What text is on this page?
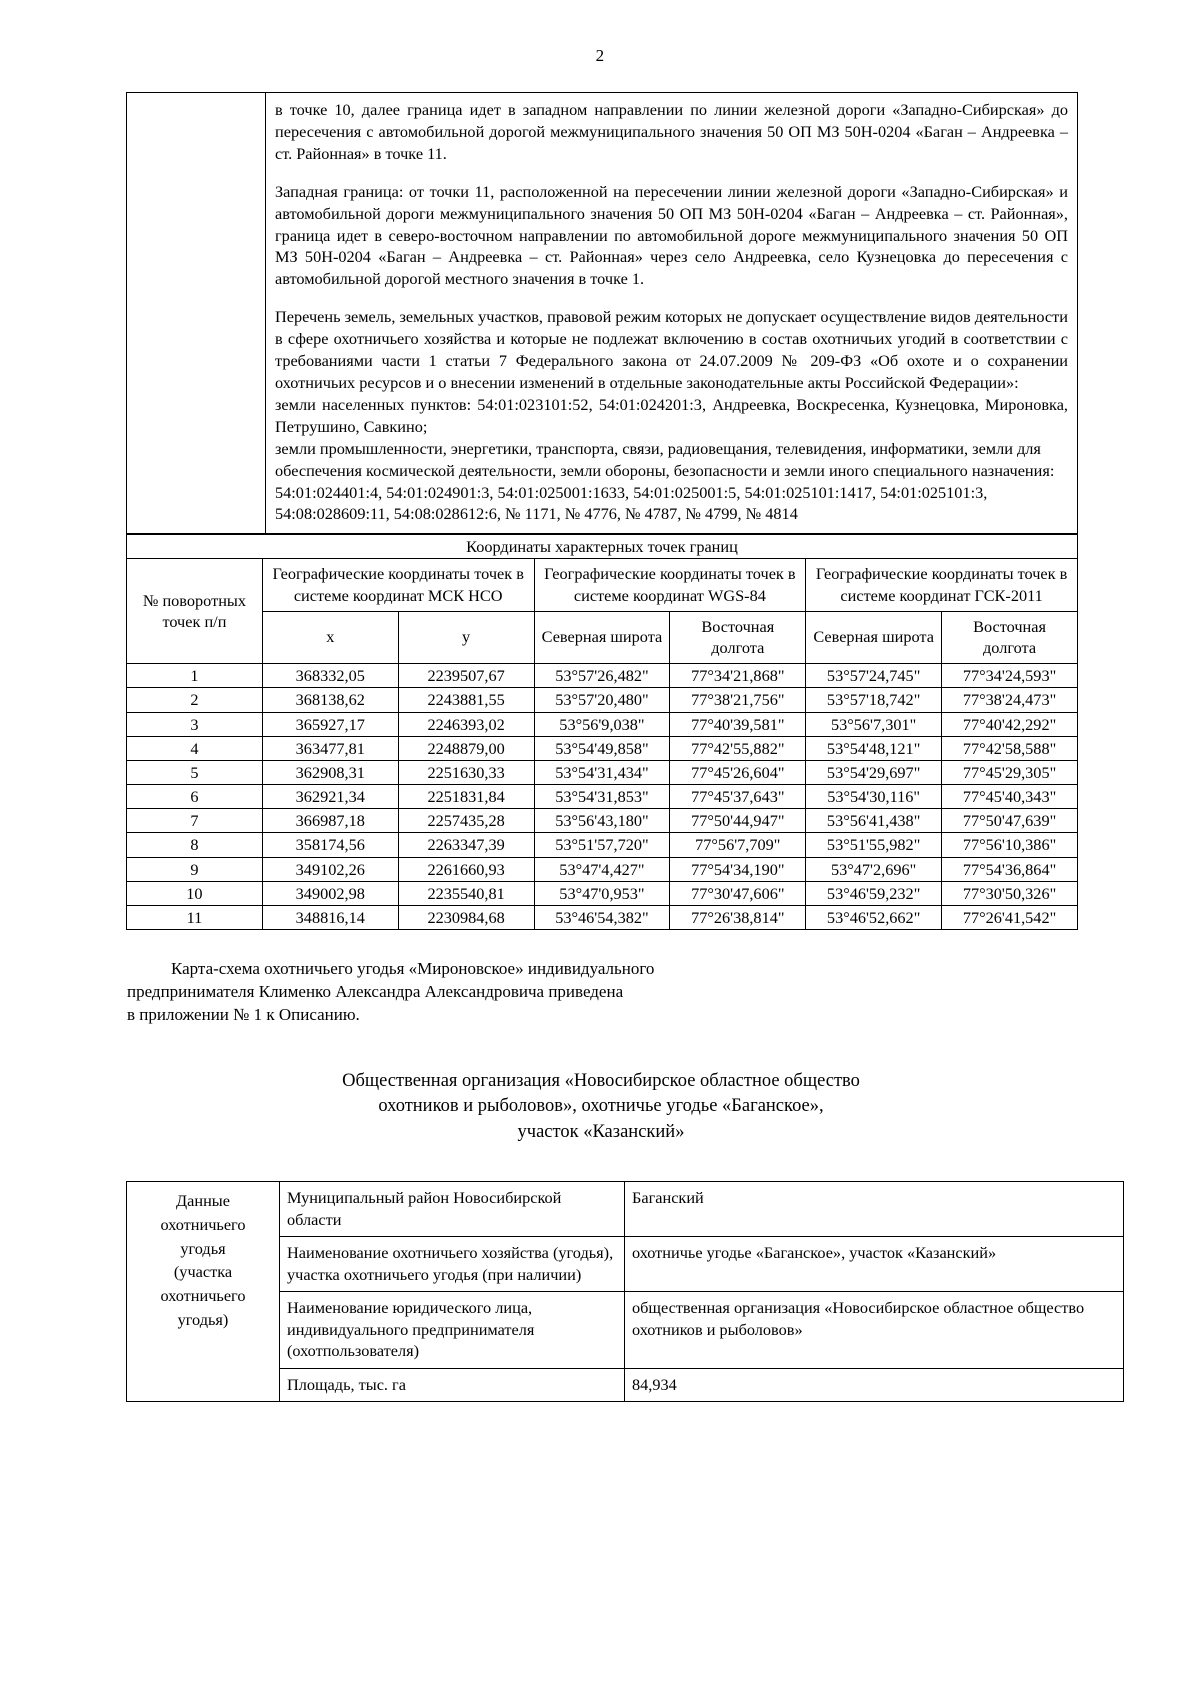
2

в точке 10, далее граница идет в западном направлении по линии железной дороги «Западно-Сибирская» до пересечения с автомобильной дорогой межмуниципального значения 50 ОП МЗ 50Н-0204 «Баган – Андреевка – ст. Районная» в точке 11.

Западная граница: от точки 11, расположенной на пересечении линии железной дороги «Западно-Сибирская» и автомобильной дороги межмуниципального значения 50 ОП МЗ 50Н-0204 «Баган – Андреевка – ст. Районная», граница идет в северо-восточном направлении по автомобильной дороге межмуниципального значения 50 ОП МЗ 50Н-0204 «Баган – Андреевка – ст. Районная» через село Андреевка, село Кузнецовка до пересечения с автомобильной дорогой местного значения в точке 1.

Перечень земель, земельных участков, правовой режим которых не допускает осуществление видов деятельности в сфере охотничьего хозяйства и которые не подлежат включению в состав охотничьих угодий в соответствии с требованиями части 1 статьи 7 Федерального закона от 24.07.2009 № 209-ФЗ «Об охоте и о сохранении охотничьих ресурсов и о внесении изменений в отдельные законодательные акты Российской Федерации»:

земли населенных пунктов: 54:01:023101:52, 54:01:024201:3, Андреевка, Воскресенка, Кузнецовка, Мироновка, Петрушино, Савкино;

земли промышленности, энергетики, транспорта, связи, радиовещания, телевидения, информатики, земли для обеспечения космической деятельности, земли обороны, безопасности и земли иного специального назначения: 54:01:024401:4, 54:01:024901:3, 54:01:025001:1633, 54:01:025001:5, 54:01:025101:1417, 54:01:025101:3, 54:08:028609:11, 54:08:028612:6, № 1171, № 4776, № 4787, № 4799, № 4814

Координаты характерных точек границ						
№ поворотных точек п/п	Географические координаты точек в системе координат МСК НСО		Географические координаты точек в системе координат WGS-84		Географические координаты точек в системе координат ГСК-2011	
	x	y	Северная широта	Восточная долгота	Северная широта	Восточная долгота
1	368332,05	2239507,67	53°57'26,482"	77°34'21,868"	53°57'24,745"	77°34'24,593"
2	368138,62	2243881,55	53°57'20,480"	77°38'21,756"	53°57'18,742"	77°38'24,473"
3	365927,17	2246393,02	53°56'9,038"	77°40'39,581"	53°56'7,301"	77°40'42,292"
4	363477,81	2248879,00	53°54'49,858"	77°42'55,882"	53°54'48,121"	77°42'58,588"
5	362908,31	2251630,33	53°54'31,434"	77°45'26,604"	53°54'29,697"	77°45'29,305"
6	362921,34	2251831,84	53°54'31,853"	77°45'37,643"	53°54'30,116"	77°45'40,343"
7	366987,18	2257435,28	53°56'43,180"	77°50'44,947"	53°56'41,438"	77°50'47,639"
8	358174,56	2263347,39	53°51'57,720"	77°56'7,709"	53°51'55,982"	77°56'10,386"
9	349102,26	2261660,93	53°47'4,427"	77°54'34,190"	53°47'2,696"	77°54'36,864"
10	349002,98	2235540,81	53°47'0,953"	77°30'47,606"	53°46'59,232"	77°30'50,326"
11	348816,14	2230984,68	53°46'54,382"	77°26'38,814"	53°46'52,662"	77°26'41,542"

Карта-схема охотничьего угодья «Мироновское» индивидуального

предпринимателя Клименко Александра Александровича приведена

в приложении № 1 к Описанию.

Общественная организация «Новосибирское областное общество
охотников и рыболовов», охотничье угодье «Баганское»,
участок «Казанский»
Данные
охотничьего
угодья
(участка
охотничьего
угодья)
	Муниципальный район Новосибирской области	Баганский
	Наименование охотничьего хозяйства (угодья), участка охотничьего угодья (при наличии)	охотничье угодье «Баганское», участок «Казанский»
	Наименование юридического лица, индивидуального предпринимателя (охотпользователя)	общественная организация «Новосибирское областное общество охотников и рыболовов»
	Площадь, тыс. га	84,934
